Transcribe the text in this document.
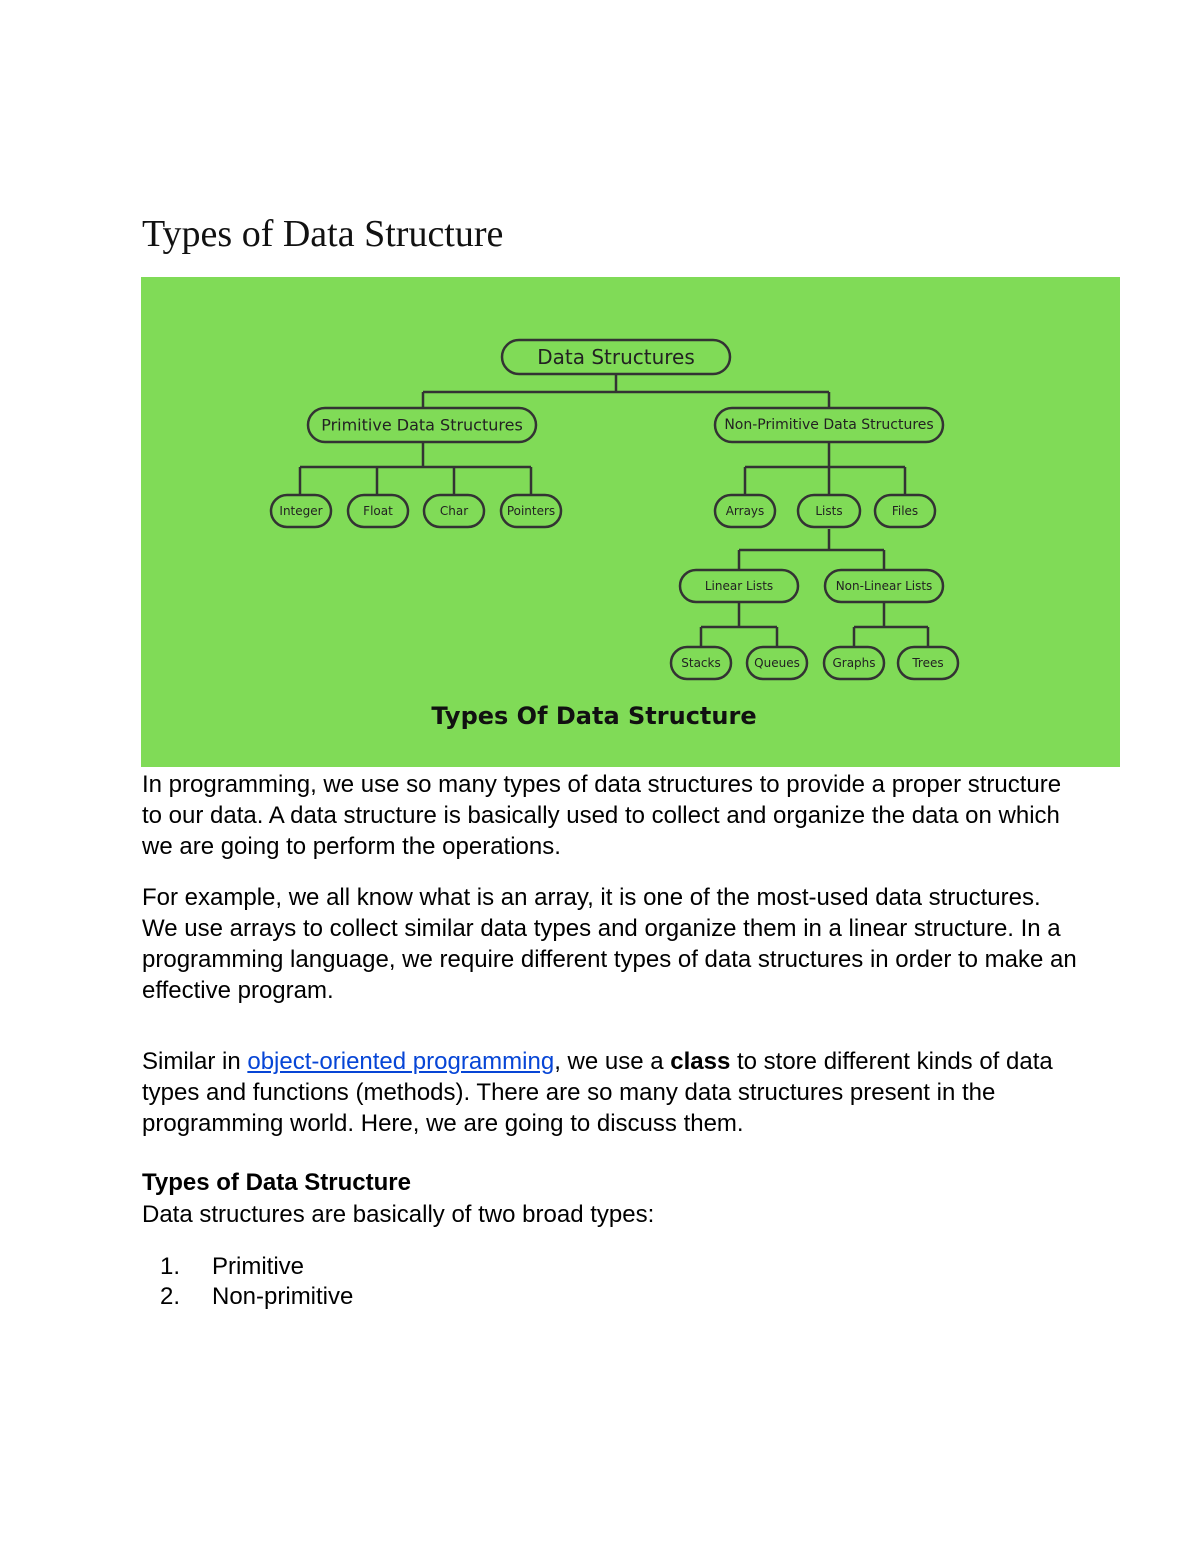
Types of Data Structure
Data Structures
Primitive Data Structures	Non-Primitive Data Structures
Integer	Float	Char	Pointers	Arrays	Lists	Files
Linear Lists	Non-Linear Lists
Stacks	Queues	Graphs	Trees
Types Of Data Structure

In programming, we use so many types of data structures to provide a proper structure to our data. A data structure is basically used to collect and organize the data on which we are going to perform the operations.

For example, we all know what is an array, it is one of the most-used data structures. We use arrays to collect similar data types and organize them in a linear structure. In a programming language, we require different types of data structures in order to make an effective program.

Similar in object-oriented programming, we use a class to store different kinds of data types and functions (methods). There are so many data structures present in the programming world. Here, we are going to discuss them.

Types of Data Structure

Data structures are basically of two broad types:

1.	Primitive
2.	Non-primitive
